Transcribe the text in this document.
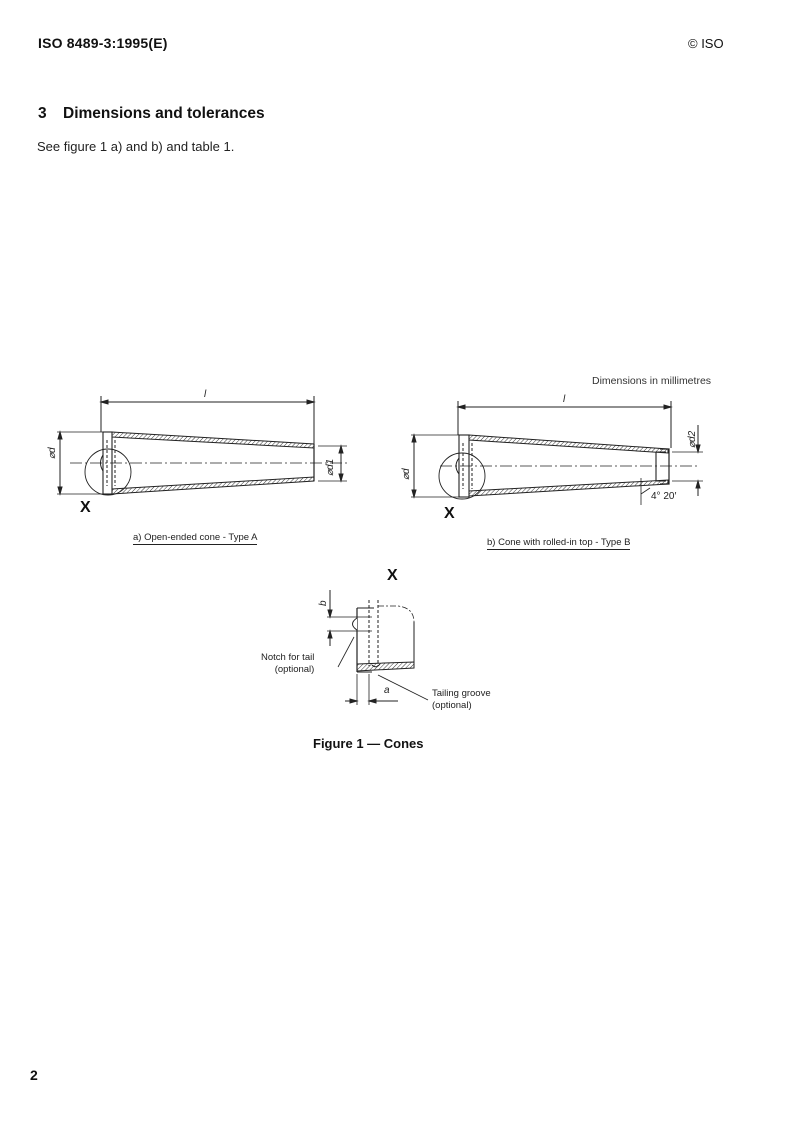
ISO 8489-3:1995(E)	© ISO
3 Dimensions and tolerances
See figure 1 a) and b) and table 1.
Dimensions in millimetres
l	l
⌀d
⌀d
⌀d1
⌀d2
4° 20′
b
a
X	X
X
a) Open-ended cone - Type A	b) Cone with rolled-in top - Type B
Notch for tail
(optional)
Tailing groove
(optional)
Figure 1 — Cones
2
